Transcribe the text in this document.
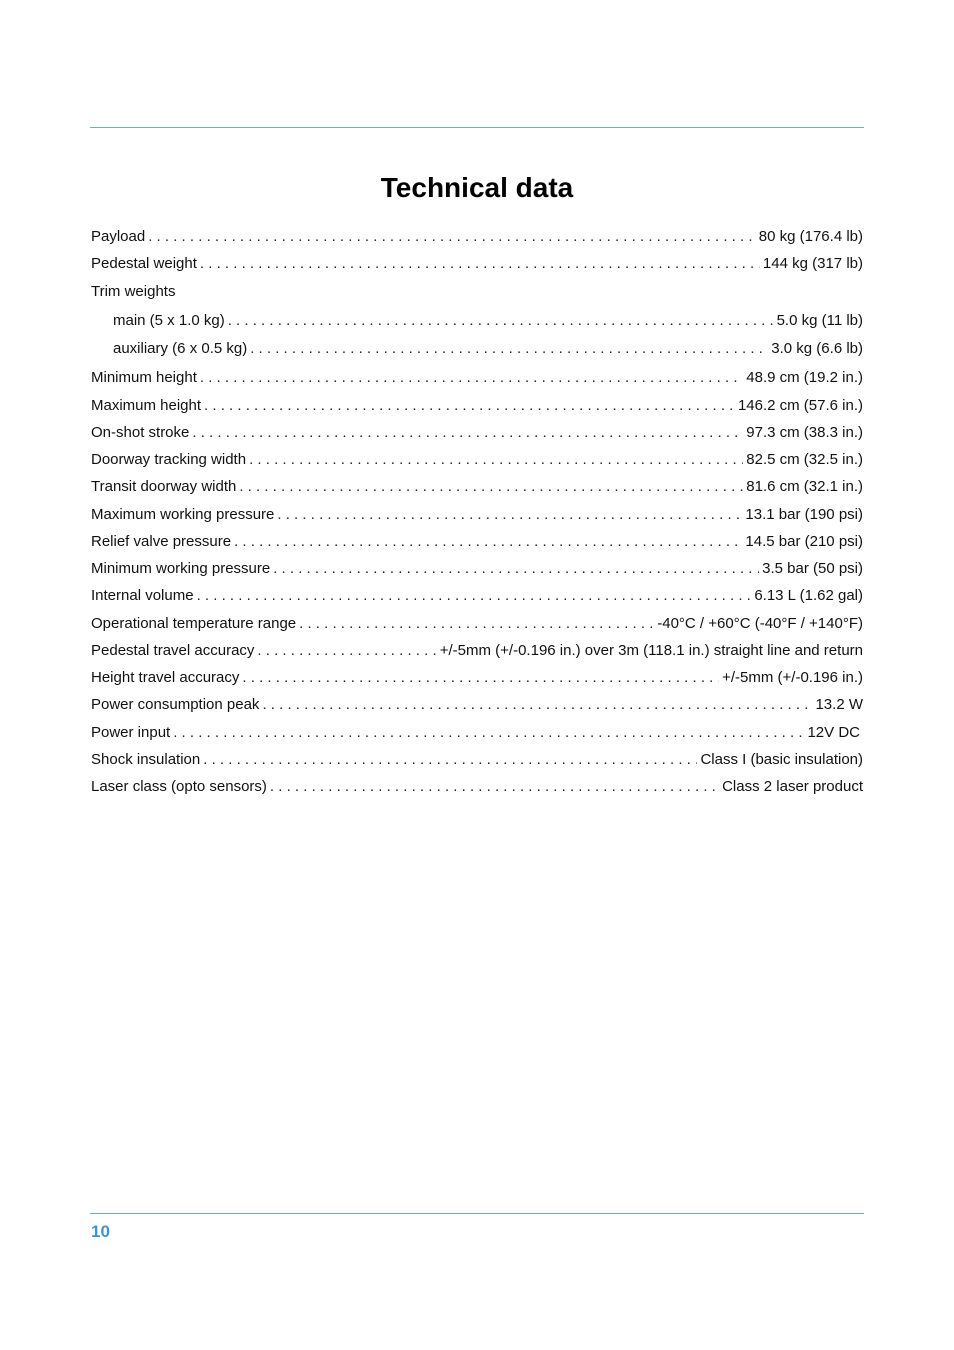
Technical data
Payload . . .	80 kg (176.4 lb)
Pedestal weight . . .	144 kg (317 lb)
Trim weights
main (5 x 1.0 kg) . . .	5.0 kg (11 lb)
auxiliary (6 x 0.5 kg) . . .	3.0 kg (6.6 lb)
Minimum height . . .	48.9 cm (19.2 in.)
Maximum height . . .	146.2 cm (57.6 in.)
On-shot stroke . . .	97.3 cm (38.3 in.)
Doorway tracking width . . .	82.5 cm (32.5 in.)
Transit doorway width . . .	81.6 cm (32.1 in.)
Maximum working pressure . . .	13.1 bar (190 psi)
Relief valve pressure . . .	14.5 bar (210 psi)
Minimum working pressure . . .	3.5 bar (50 psi)
Internal volume . . .	6.13 L (1.62 gal)
Operational temperature range . . .	-40°C / +60°C (-40°F / +140°F)
Pedestal travel accuracy . . .	+/-5mm (+/-0.196 in.) over 3m (118.1 in.) straight line and return
Height travel accuracy . . .	+/-5mm (+/-0.196 in.)
Power consumption peak . . .	13.2 W
Power input . . .	12V DC
Shock insulation . . .	Class I (basic insulation)
Laser class (opto sensors) . . .	Class 2 laser product
10
